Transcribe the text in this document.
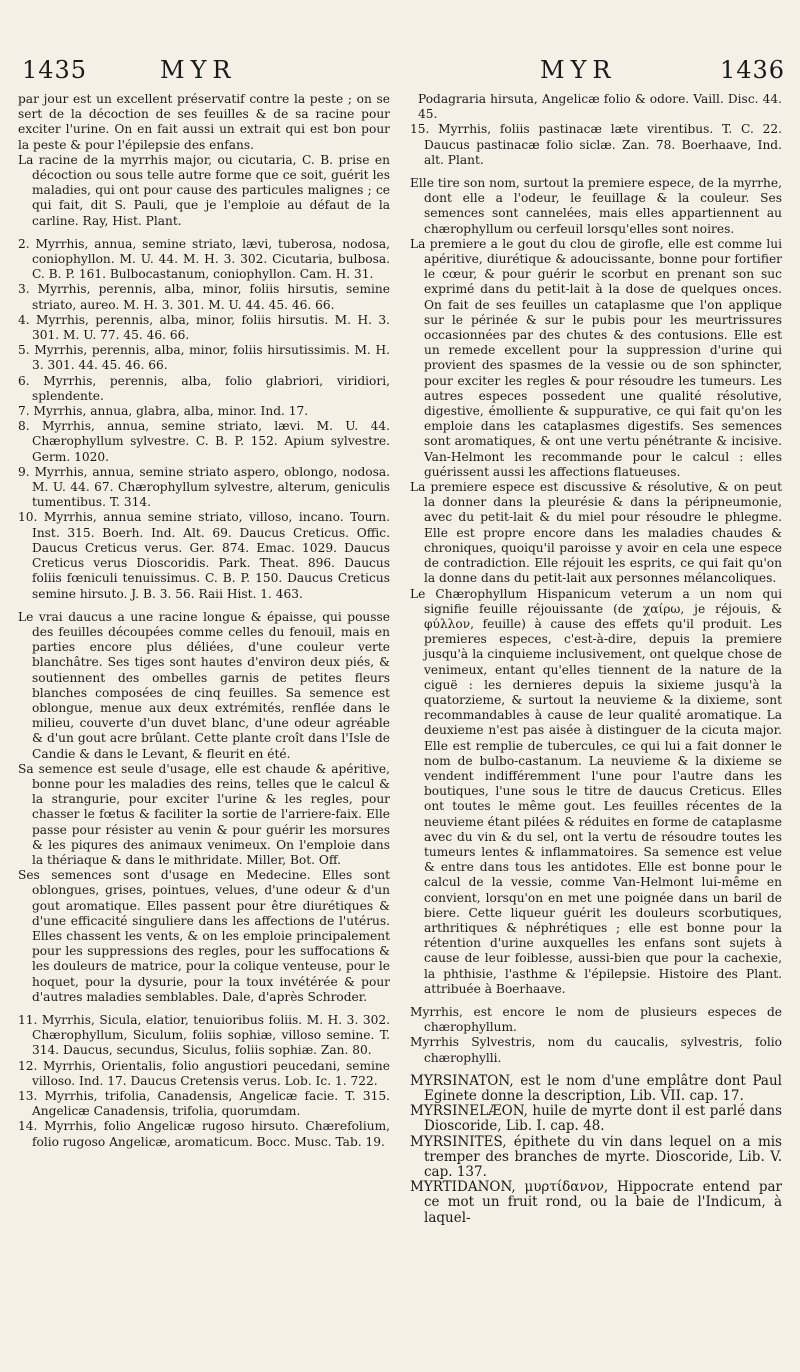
1435	MYR	MYR	1436

par jour est un excellent préservatif contre la peste ; on se sert de la décoction de ses feuilles & de sa racine pour exciter l'urine. On en fait aussi un extrait qui est bon pour la peste & pour l'épilepsie des enfans.

La racine de la myrrhis major, ou cicutaria, C. B. prise en décoction ou sous telle autre forme que ce soit, guérit les maladies, qui ont pour cause des particules malignes ; ce qui fait, dit S. Pauli, que je l'emploie au défaut de la carline. Ray, Hist. Plant.

2. Myrrhis, annua, semine striato, lævi, tuberosa, nodosa, coniophyllon. M. U. 44. M. H. 3. 302. Cicutaria, bulbosa. C. B. P. 161. Bulbocastanum, coniophyllon. Cam. H. 31.

3. Myrrhis, perennis, alba, minor, foliis hirsutis, semine striato, aureo. M. H. 3. 301. M. U. 44. 45. 46. 66.

4. Myrrhis, perennis, alba, minor, foliis hirsutis. M. H. 3. 301. M. U. 77. 45. 46. 66.

5. Myrrhis, perennis, alba, minor, foliis hirsutissimis. M. H. 3. 301. 44. 45. 46. 66.

6. Myrrhis, perennis, alba, folio glabriori, viridiori, splendente.

7. Myrrhis, annua, glabra, alba, minor. Ind. 17.

8. Myrrhis, annua, semine striato, lævi. M. U. 44. Chærophyllum sylvestre. C. B. P. 152. Apium sylvestre. Germ. 1020.

9. Myrrhis, annua, semine striato aspero, oblongo, nodosa. M. U. 44. 67. Chærophyllum sylvestre, alterum, geniculis tumentibus. T. 314.

10. Myrrhis, annua semine striato, villoso, incano. Tourn. Inst. 315. Boerh. Ind. Alt. 69. Daucus Creticus. Offic. Daucus Creticus verus. Ger. 874. Emac. 1029. Daucus Creticus verus Dioscoridis. Park. Theat. 896. Daucus foliis fœniculi tenuissimus. C. B. P. 150. Daucus Creticus semine hirsuto. J. B. 3. 56. Raii Hist. 1. 463.

Le vrai daucus a une racine longue & épaisse, qui pousse des feuilles découpées comme celles du fenouil, mais en parties encore plus déliées, d'une couleur verte blanchâtre. Ses tiges sont hautes d'environ deux piés, & soutiennent des ombelles garnis de petites fleurs blanches composées de cinq feuilles. Sa semence est oblongue, menue aux deux extrémités, renflée dans le milieu, couverte d'un duvet blanc, d'une odeur agréable & d'un gout acre brûlant. Cette plante croît dans l'Isle de Candie & dans le Levant, & fleurit en été.

Sa semence est seule d'usage, elle est chaude & apéritive, bonne pour les maladies des reins, telles que le calcul & la strangurie, pour exciter l'urine & les regles, pour chasser le fœtus & faciliter la sortie de l'arriere-faix. Elle passe pour résister au venin & pour guérir les morsures & les piqures des animaux venimeux. On l'emploie dans la thériaque & dans le mithridate. Miller, Bot. Off.

Ses semences sont d'usage en Medecine. Elles sont oblongues, grises, pointues, velues, d'une odeur & d'un gout aromatique. Elles passent pour être diurétiques & d'une efficacité singuliere dans les affections de l'utérus. Elles chassent les vents, & on les emploie principalement pour les suppressions des regles, pour les suffocations & les douleurs de matrice, pour la colique venteuse, pour le hoquet, pour la dysurie, pour la toux invétérée & pour d'autres maladies semblables. Dale, d'après Schroder.

11. Myrrhis, Sicula, elatior, tenuioribus foliis. M. H. 3. 302. Chærophyllum, Siculum, foliis sophiæ, villoso semine. T. 314. Daucus, secundus, Siculus, foliis sophiæ. Zan. 80.

12. Myrrhis, Orientalis, folio angustiori peucedani, semine villoso. Ind. 17. Daucus Cretensis verus. Lob. Ic. 1. 722.

13. Myrrhis, trifolia, Canadensis, Angelicæ facie. T. 315. Angelicæ Canadensis, trifolia, quorumdam.

14. Myrrhis, folio Angelicæ rugoso hirsuto. Chærefolium, folio rugoso Angelicæ, aromaticum. Bocc. Musc. Tab. 19.

Podagraria hirsuta, Angelicæ folio & odore. Vaill. Disc. 44. 45.

15. Myrrhis, foliis pastinacæ læte virentibus. T. C. 22. Daucus pastinacæ folio siclæ. Zan. 78. Boerhaave, Ind. alt. Plant.

Elle tire son nom, surtout la premiere espece, de la myrrhe, dont elle a l'odeur, le feuillage & la couleur. Ses semences sont cannelées, mais elles appartiennent au chærophyllum ou cerfeuil lorsqu'elles sont noires.

La premiere a le gout du clou de girofle, elle est comme lui apéritive, diurétique & adoucissante, bonne pour fortifier le cœur, & pour guérir le scorbut en prenant son suc exprimé dans du petit-lait à la dose de quelques onces. On fait de ses feuilles un cataplasme que l'on applique sur le périnée & sur le pubis pour les meurtrissures occasionnées par des chutes & des contusions. Elle est un remede excellent pour la suppression d'urine qui provient des spasmes de la vessie ou de son sphincter, pour exciter les regles & pour résoudre les tumeurs. Les autres especes possedent une qualité résolutive, digestive, émolliente & suppurative, ce qui fait qu'on les emploie dans les cataplasmes digestifs. Ses semences sont aromatiques, & ont une vertu pénétrante & incisive. Van-Helmont les recommande pour le calcul : elles guérissent aussi les affections flatueuses.

La premiere espece est discussive & résolutive, & on peut la donner dans la pleurésie & dans la péripneumonie, avec du petit-lait & du miel pour résoudre le phlegme. Elle est propre encore dans les maladies chaudes & chroniques, quoiqu'il paroisse y avoir en cela une espece de contradiction. Elle réjouit les esprits, ce qui fait qu'on la donne dans du petit-lait aux personnes mélancoliques.

Le Chærophyllum Hispanicum veterum a un nom qui signifie feuille réjouissante (de χαίρω, je réjouis, & φύλλον, feuille) à cause des effets qu'il produit. Les premieres especes, c'est-à-dire, depuis la premiere jusqu'à la cinquieme inclusivement, ont quelque chose de venimeux, entant qu'elles tiennent de la nature de la ciguë : les dernieres depuis la sixieme jusqu'à la quatorzieme, & surtout la neuvieme & la dixieme, sont recommandables à cause de leur qualité aromatique. La deuxieme n'est pas aisée à distinguer de la cicuta major. Elle est remplie de tubercules, ce qui lui a fait donner le nom de bulbo-castanum. La neuvieme & la dixieme se vendent indifféremment l'une pour l'autre dans les boutiques, l'une sous le titre de daucus Creticus. Elles ont toutes le même gout. Les feuilles récentes de la neuvieme étant pilées & réduites en forme de cataplasme avec du vin & du sel, ont la vertu de résoudre toutes les tumeurs lentes & inflammatoires. Sa semence est velue & entre dans tous les antidotes. Elle est bonne pour le calcul de la vessie, comme Van-Helmont lui-même en convient, lorsqu'on en met une poignée dans un baril de biere. Cette liqueur guérit les douleurs scorbutiques, arthritiques & néphrétiques ; elle est bonne pour la rétention d'urine auxquelles les enfans sont sujets à cause de leur foiblesse, aussi-bien que pour la cachexie, la phthisie, l'asthme & l'épilepsie. Histoire des Plant. attribuée à Boerhaave.

Myrrhis, est encore le nom de plusieurs especes de chærophyllum.

Myrrhis Sylvestris, nom du caucalis, sylvestris, folio chærophylli.

MYRSINATON, est le nom d'une emplâtre dont Paul Eginete donne la description, Lib. VII. cap. 17.

MYRSINELÆON, huile de myrte dont il est parlé dans Dioscoride, Lib. I. cap. 48.

MYRSINITES, épithete du vin dans lequel on a mis tremper des branches de myrte. Dioscoride, Lib. V. cap. 137.

MYRTIDANON, μυρτίδανον, Hippocrate entend par ce mot un fruit rond, ou la baie de l'Indicum, à laquel-
